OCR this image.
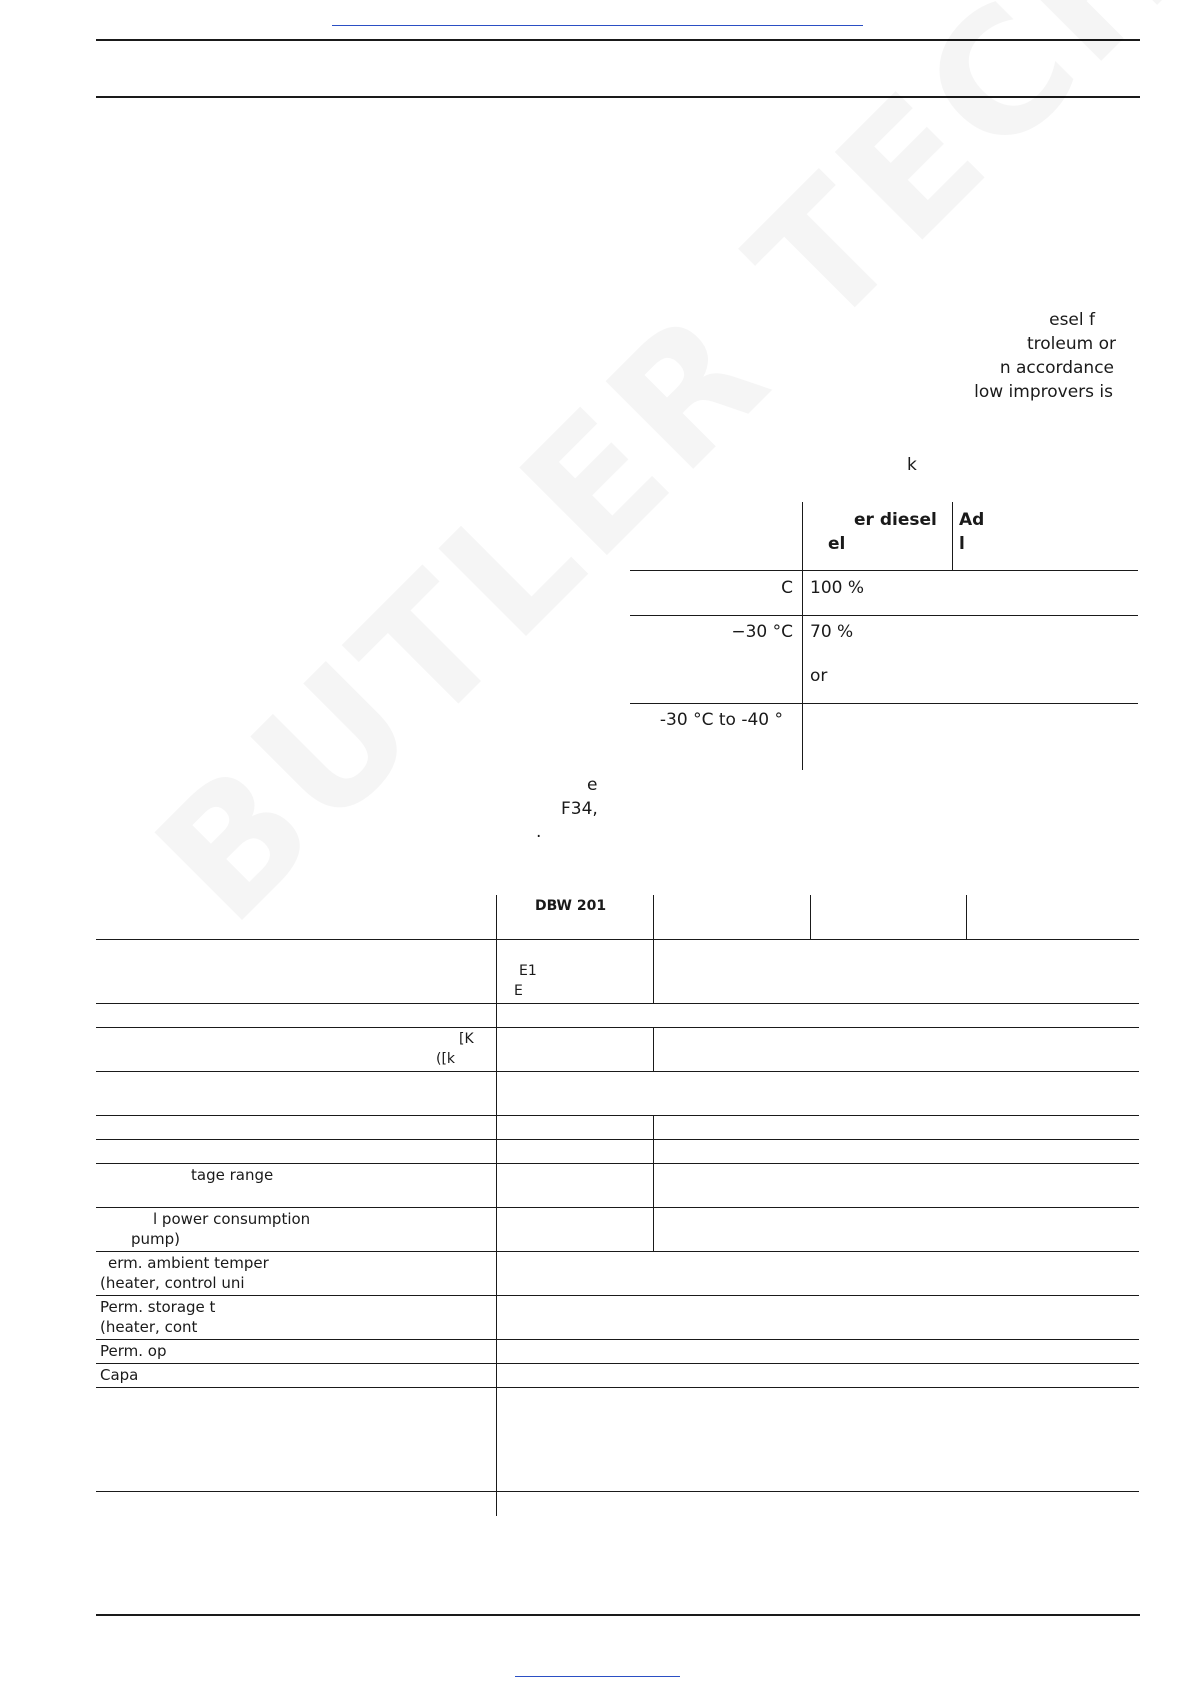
esel f
troleum or
n accordance
low improvers is
k
er diesel
el
Ad
l
C 100 %
−30 °C 70 %
or
-30 °C to -40 °
e
F34,
.
DBW 201
E1
E
[K
([k
tage range
l power consumption
pump)
erm. ambient temper
(heater, control uni
Perm. storage t
(heater, cont
Perm. op
Capa
